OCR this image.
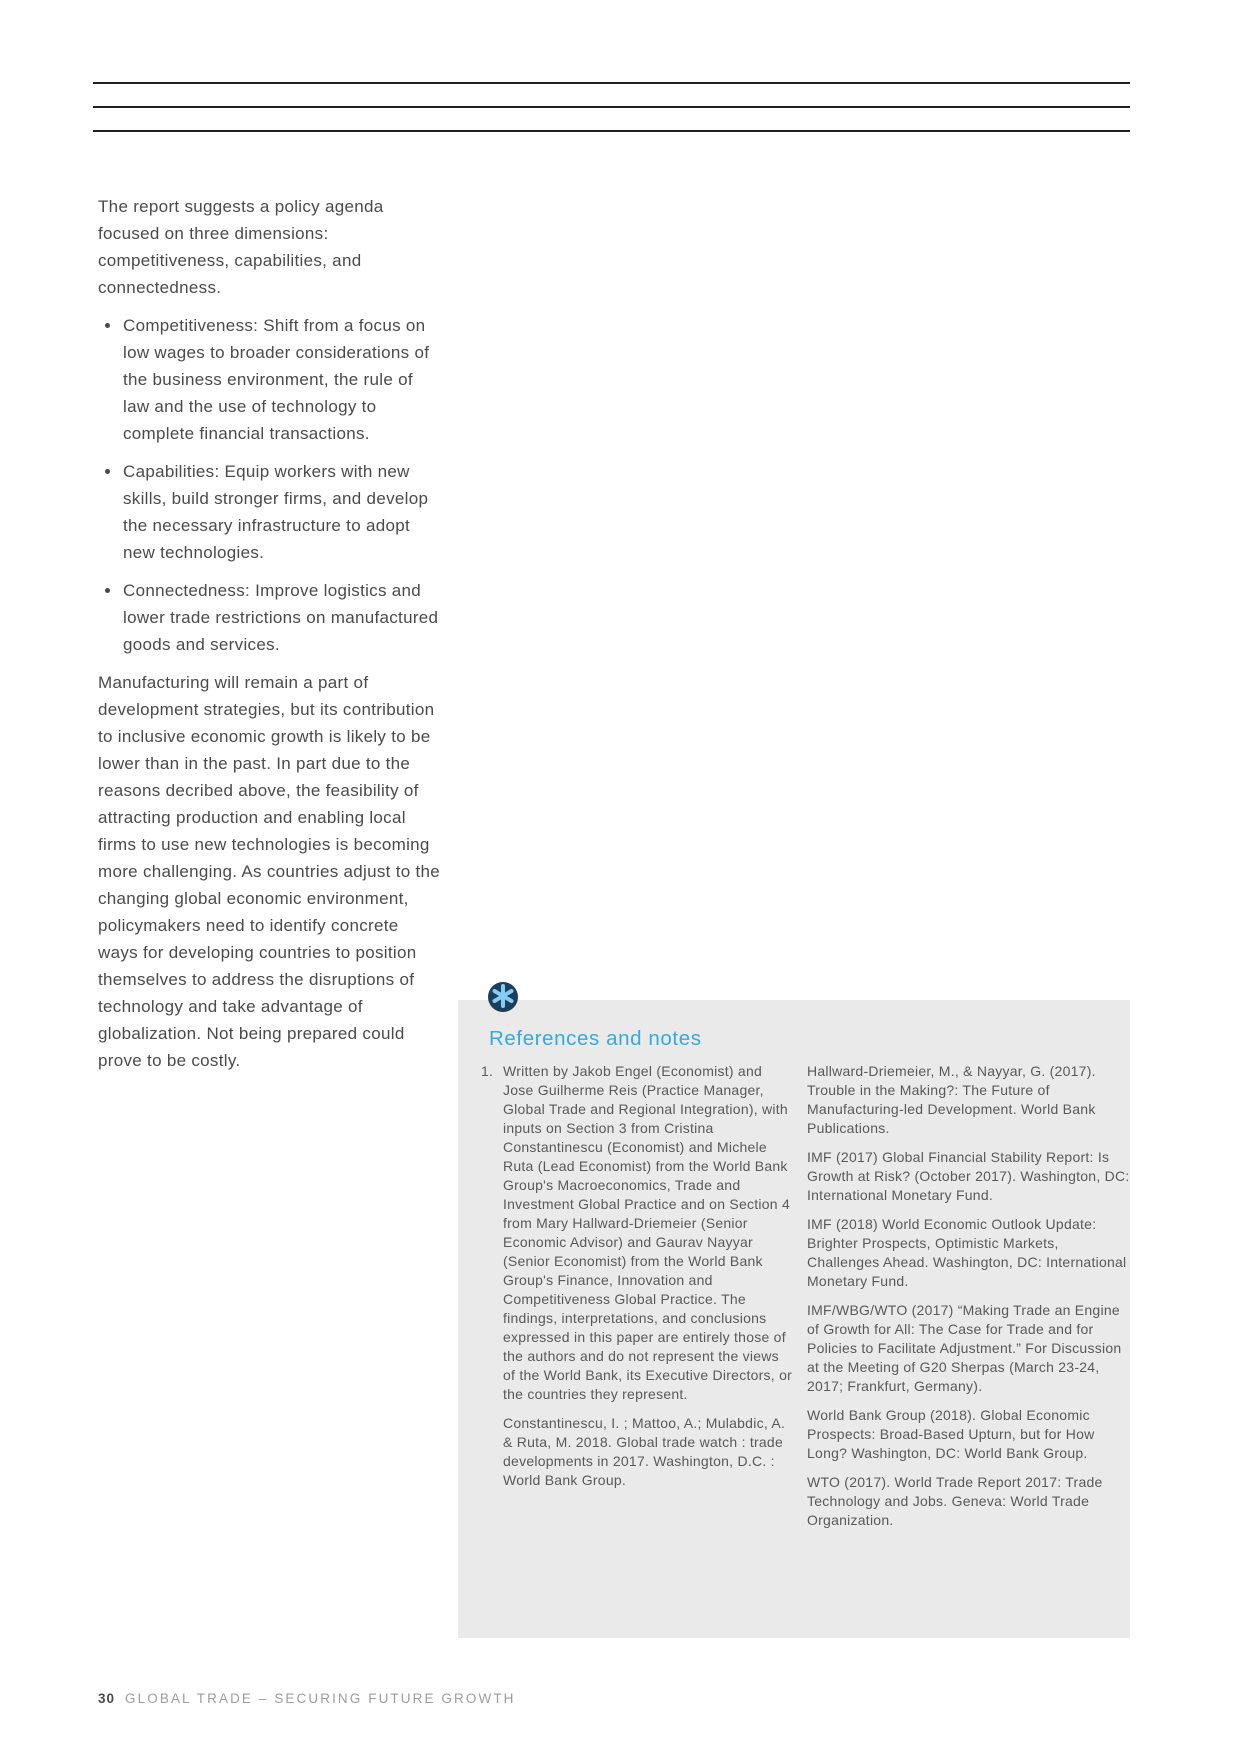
The report suggests a policy agenda focused on three dimensions: competitiveness, capabilities, and connectedness.

• Competitiveness: Shift from a focus on low wages to broader considerations of the business environment, the rule of law and the use of technology to complete financial transactions.
• Capabilities: Equip workers with new skills, build stronger firms, and develop the necessary infrastructure to adopt new technologies.
• Connectedness: Improve logistics and lower trade restrictions on manufactured goods and services.

Manufacturing will remain a part of development strategies, but its contribution to inclusive economic growth is likely to be lower than in the past. In part due to the reasons decribed above, the feasibility of attracting production and enabling local firms to use new technologies is becoming more challenging. As countries adjust to the changing global economic environment, policymakers need to identify concrete ways for developing countries to position themselves to address the disruptions of technology and take advantage of globalization. Not being prepared could prove to be costly.

References and notes
1. Written by Jakob Engel (Economist) and Jose Guilherme Reis (Practice Manager, Global Trade and Regional Integration), with inputs on Section 3 from Cristina Constantinescu (Economist) and Michele Ruta (Lead Economist) from the World Bank Group's Macroeconomics, Trade and Investment Global Practice and on Section 4 from Mary Hallward-Driemeier (Senior Economic Advisor) and Gaurav Nayyar (Senior Economist) from the World Bank Group's Finance, Innovation and Competitiveness Global Practice. The findings, interpretations, and conclusions expressed in this paper are entirely those of the authors and do not represent the views of the World Bank, its Executive Directors, or the countries they represent.
Constantinescu, I. ; Mattoo, A.; Mulabdic, A. & Ruta, M. 2018. Global trade watch : trade developments in 2017. Washington, D.C. : World Bank Group.

Hallward-Driemeier, M., & Nayyar, G. (2017). Trouble in the Making?: The Future of Manufacturing-led Development. World Bank Publications.

IMF (2017) Global Financial Stability Report: Is Growth at Risk? (October 2017). Washington, DC: International Monetary Fund.

IMF (2018) World Economic Outlook Update: Brighter Prospects, Optimistic Markets, Challenges Ahead. Washington, DC: International Monetary Fund.

IMF/WBG/WTO (2017) “Making Trade an Engine of Growth for All: The Case for Trade and for Policies to Facilitate Adjustment.” For Discussion at the Meeting of G20 Sherpas (March 23-24, 2017; Frankfurt, Germany).

World Bank Group (2018). Global Economic Prospects: Broad-Based Upturn, but for How Long? Washington, DC: World Bank Group.

WTO (2017). World Trade Report 2017: Trade Technology and Jobs. Geneva: World Trade Organization.

30 GLOBAL TRADE – SECURING FUTURE GROWTH
